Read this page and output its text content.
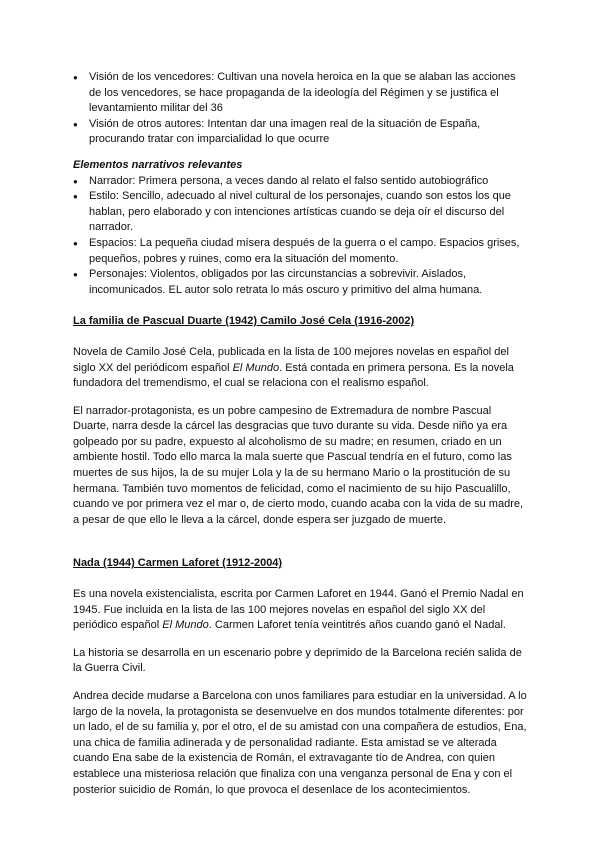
● Visión de los vencedores: Cultivan una novela heroica en la que se alaban las acciones de los vencedores, se hace propaganda de la ideología del Régimen y se justifica el levantamiento militar del 36
● Visión de otros autores: Intentan dar una imagen real de la situación de España, procurando tratar con imparcialidad lo que ocurre

Elementos narrativos relevantes

● Narrador: Primera persona, a veces dando al relato el falso sentido autobiográfico
● Estilo: Sencillo, adecuado al nivel cultural de los personajes, cuando son estos los que hablan, pero elaborado y con intenciones artísticas cuando se deja oír el discurso del narrador.
● Espacios: La pequeña ciudad mísera después de la guerra o el campo. Espacios grises, pequeños, pobres y ruines, como era la situación del momento.
● Personajes: Violentos, obligados por las circunstancias a sobrevivir. Aislados, incomunicados. EL autor solo retrata lo más oscuro y primitivo del alma humana.

La familia de Pascual Duarte (1942) Camilo José Cela (1916-2002)

Novela de Camilo José Cela, publicada en la lista de 100 mejores novelas en español del siglo XX del periódicom español El Mundo. Está contada en primera persona. Es la novela fundadora del tremendismo, el cual se relaciona con el realismo español.

El narrador-protagonista, es un pobre campesino de Extremadura de nombre Pascual Duarte, narra desde la cárcel las desgracias que tuvo durante su vida. Desde niño ya era golpeado por su padre, expuesto al alcoholismo de su madre; en resumen, criado en un ambiente hostil. Todo ello marca la mala suerte que Pascual tendría en el futuro, como las muertes de sus hijos, la de su mujer Lola y la de su hermano Mario o la prostitución de su hermana. También tuvo momentos de felicidad, como el nacimiento de su hijo Pascualillo, cuando ve por primera vez el mar o, de cierto modo, cuando acaba con la vida de su madre, a pesar de que ello le lleva a la cárcel, donde espera ser juzgado de muerte.

Nada (1944) Carmen Laforet (1912-2004)

Es una novela existencialista, escrita por Carmen Laforet en 1944. Ganó el Premio Nadal en 1945. Fue incluida en la lista de las 100 mejores novelas en español del siglo XX del periódico español El Mundo. Carmen Laforet tenía veintitrés años cuando ganó el Nadal.

La historia se desarrolla en un escenario pobre y deprimido de la Barcelona recién salida de la Guerra Civil.

Andrea decide mudarse a Barcelona con unos familiares para estudiar en la universidad. A lo largo de la novela, la protagonista se desenvuelve en dos mundos totalmente diferentes: por un lado, el de su familia y, por el otro, el de su amistad con una compañera de estudios, Ena, una chica de familia adinerada y de personalidad radiante. Esta amistad se ve alterada cuando Ena sabe de la existencia de Román, el extravagante tío de Andrea, con quien establece una misteriosa relación que finaliza con una venganza personal de Ena y con el posterior suicidio de Román, lo que provoca el desenlace de los acontecimientos.
